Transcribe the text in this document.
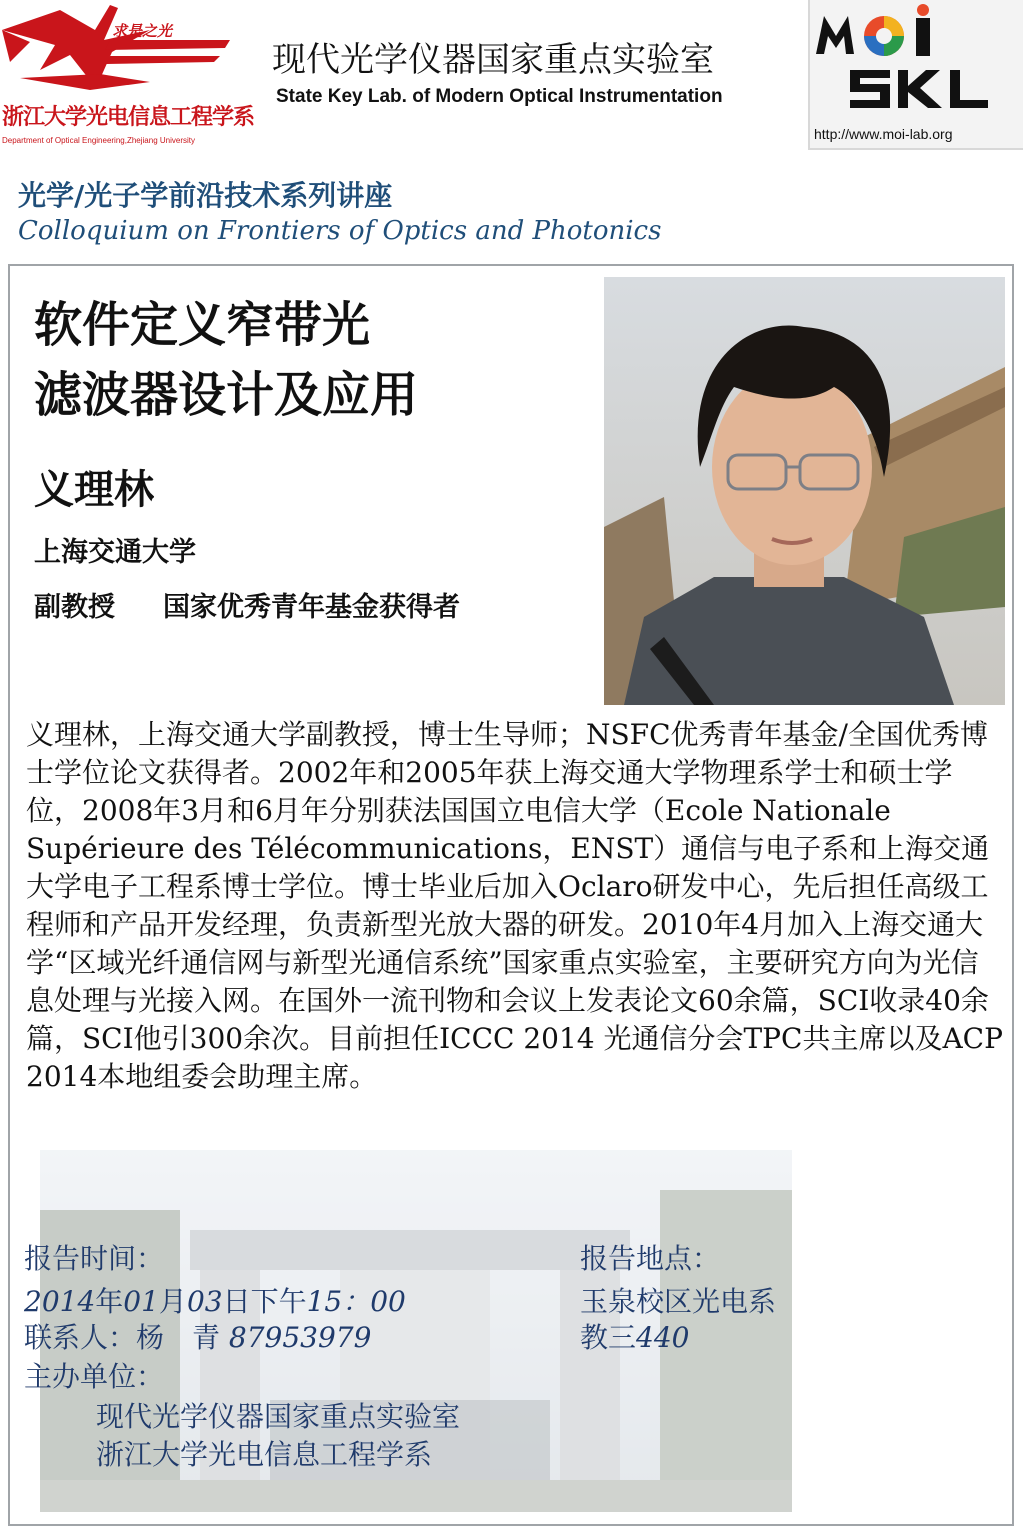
求是之光
浙江大学光电信息工程学系
Department of Optical Engineering,Zhejiang University
现代光学仪器国家重点实验室
State Key Lab. of Modern Optical Instrumentation
http://www.moi-lab.org
光学/光子学前沿技术系列讲座
Colloquium on Frontiers of Optics and Photonics
软件定义窄带光
滤波器设计及应用
义理林
上海交通大学
副教授 国家优秀青年基金获得者
义理林，上海交通大学副教授，博士生导师；NSFC优秀青年基金/全国优秀博士学位论文获得者。2002年和2005年获上海交通大学物理系学士和硕士学位，2008年3月和6月年分别获法国国立电信大学（Ecole Nationale Supérieure des Télécommunications，ENST）通信与电子系和上海交通大学电子工程系博士学位。博士毕业后加入Oclaro研发中心，先后担任高级工程师和产品开发经理，负责新型光放大器的研发。2010年4月加入上海交通大学“区域光纤通信网与新型光通信系统”国家重点实验室，主要研究方向为光信息处理与光接入网。在国外一流刊物和会议上发表论文60余篇，SCI收录40余篇，SCI他引300余次。目前担任ICCC 2014 光通信分会TPC共主席以及ACP 2014本地组委会助理主席。
报告时间：
2014年01月03日下午15：00
联系人：杨　青 87953979
主办单位：
现代光学仪器国家重点实验室
浙江大学光电信息工程学系
报告地点：
玉泉校区光电系
教三440
